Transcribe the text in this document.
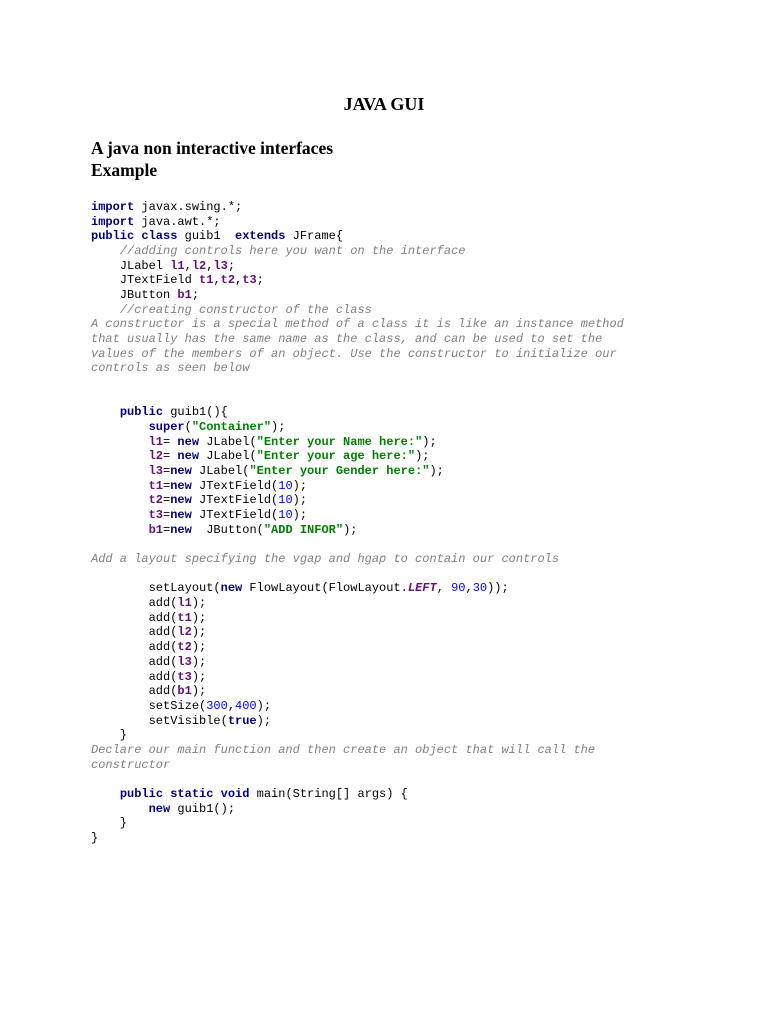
JAVA GUI
A java non interactive interfaces
Example
import javax.swing.*;
import java.awt.*;
public class guib1  extends JFrame{
//adding controls here you want on the interface
JLabel l1,l2,l3;
JTextField t1,t2,t3;
JButton b1;
//creating constructor of the class
A constructor is a special method of a class it is like an instance method
that usually has the same name as the class, and can be used to set the
values of the members of an object. Use the constructor to initialize our
controls as seen below

public guib1(){
super("Container");
l1= new JLabel("Enter your Name here:");
l2= new JLabel("Enter your age here:");
l3=new JLabel("Enter your Gender here:");
t1=new JTextField(10);
t2=new JTextField(10);
t3=new JTextField(10);
b1=new  JButton("ADD INFOR");

Add a layout specifying the vgap and hgap to contain our controls

setLayout(new FlowLayout(FlowLayout.LEFT, 90,30));
add(l1);
add(t1);
add(l2);
add(t2);
add(l3);
add(t3);
add(b1);
setSize(300,400);
setVisible(true);
}
Declare our main function and then create an object that will call the
constructor

public static void main(String[] args) {
new guib1();
}
}
